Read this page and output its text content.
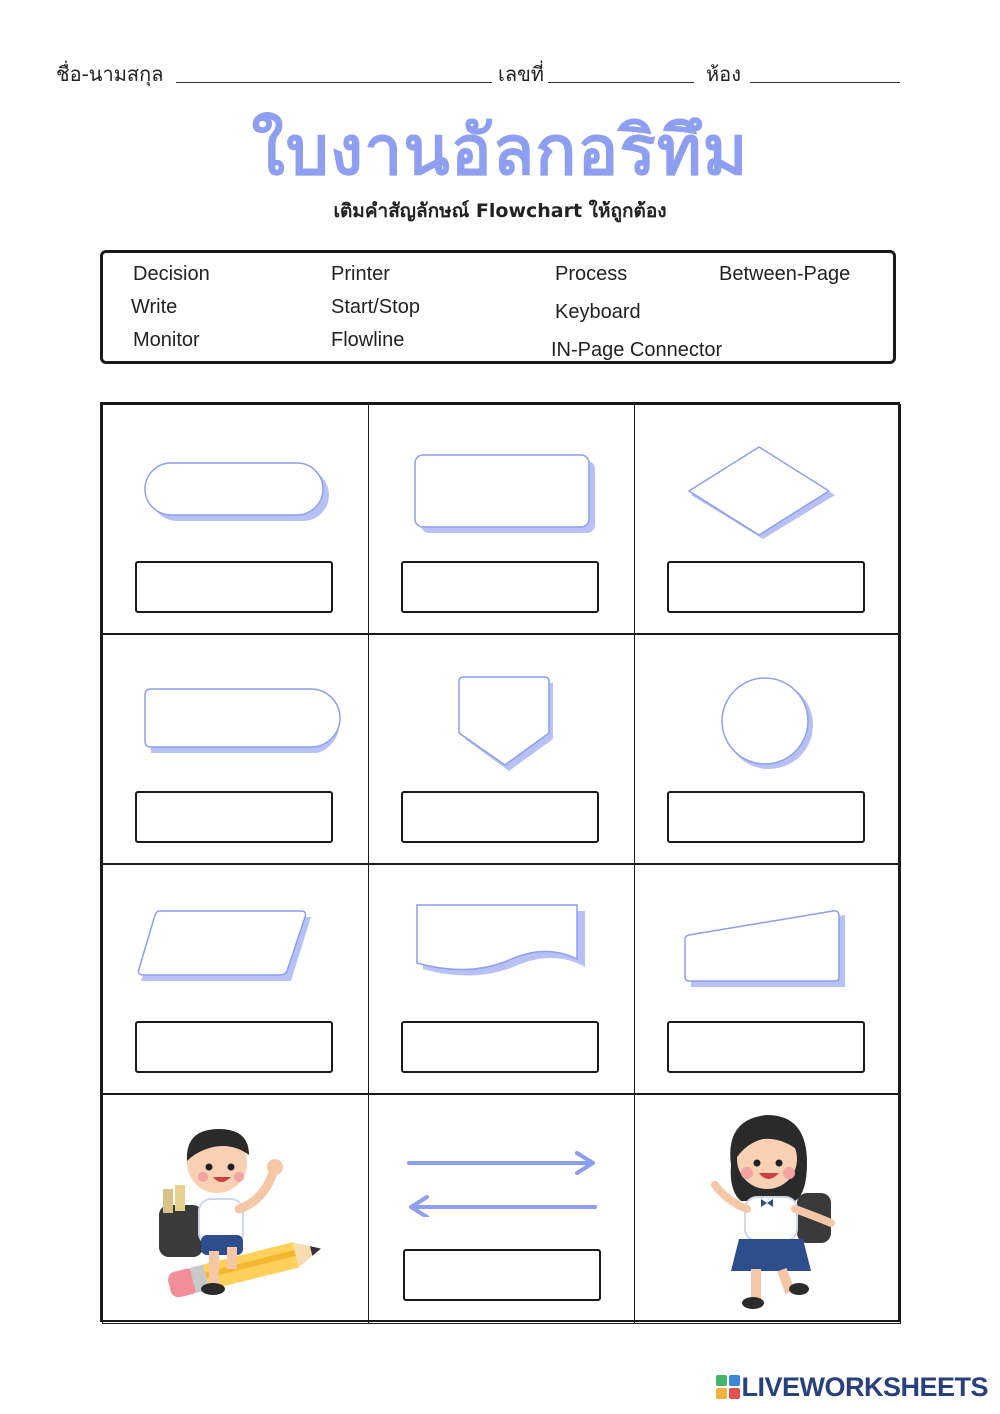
ชื่อ-นามสกุล	เลขที่	ห้อง
ใบงานอัลกอริทึม
เติมคำสัญลักษณ์ Flowchart ให้ถูกต้อง
Decision	Printer	Process	Between-Page
Write	Start/Stop	Keyboard
Monitor	Flowline	IN-Page Connector
LIVEWORKSHEETS
